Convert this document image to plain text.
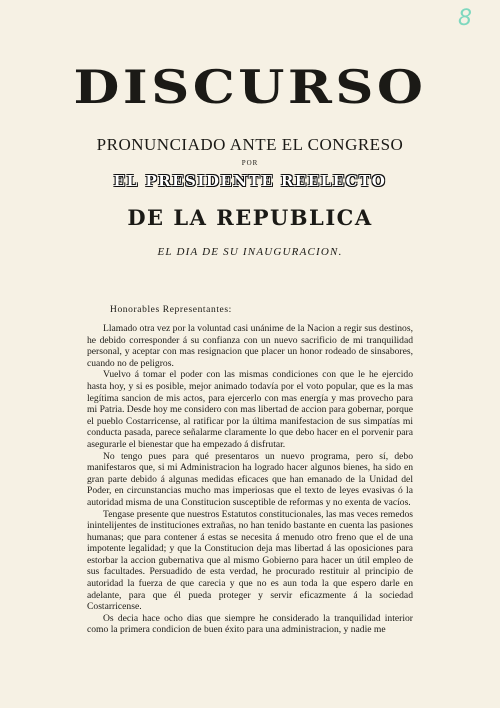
8
DISCURSO
PRONUNCIADO ANTE EL CONGRESO
POR
EL PRESIDENTE REELECTO
DE LA REPUBLICA
EL DIA DE SU INAUGURACION.
Honorables Representantes:

Llamado otra vez por la voluntad casi unánime de la Nacion a regir sus destinos, he debido corresponder á su confianza con un nuevo sacrificio de mi tranquilidad personal, y aceptar con mas resignacion que placer un honor rodeado de sinsabores, cuando no de peligros.

Vuelvo á tomar el poder con las mismas condiciones con que le he ejercido hasta hoy, y si es posible, mejor animado todavía por el voto popular, que es la mas legítima sancion de mis actos, para ejercerlo con mas energía y mas provecho para mi Patria. Desde hoy me considero con mas libertad de accion para gobernar, porque el pueblo Costarricense, al ratificar por la última manifestacion de sus simpatías mi conducta pasada, parece señalarme claramente lo que debo hacer en el porvenir para asegurarle el bienestar que ha empezado á disfrutar.

No tengo pues para qué presentaros un nuevo programa, pero sí, debo manifestaros que, si mi Administracion ha logrado hacer algunos bienes, ha sido en gran parte debido á algunas medidas eficaces que han emanado de la Unidad del Poder, en circunstancias mucho mas imperiosas que el texto de leyes evasivas ó la autoridad misma de una Constitucion susceptible de reformas y no exenta de vacíos.

Tengase presente que nuestros Estatutos constitucionales, las mas veces remedos inintelijentes de instituciones extrañas, no han tenido bastante en cuenta las pasiones humanas; que para contener á estas se necesita á menudo otro freno que el de una impotente legalidad; y que la Constitucion deja mas libertad á las oposiciones para estorbar la accion gubernativa que al mismo Gobierno para hacer un útil empleo de sus facultades. Persuadido de esta verdad, he procurado restituir al principio de autoridad la fuerza de que carecia y que no es aun toda la que espero darle en adelante, para que él pueda proteger y servir eficazmente á la sociedad Costarricense.

Os decia hace ocho dias que siempre he considerado la tranquilidad interior como la primera condicion de buen éxito para una administracion, y nadie me
